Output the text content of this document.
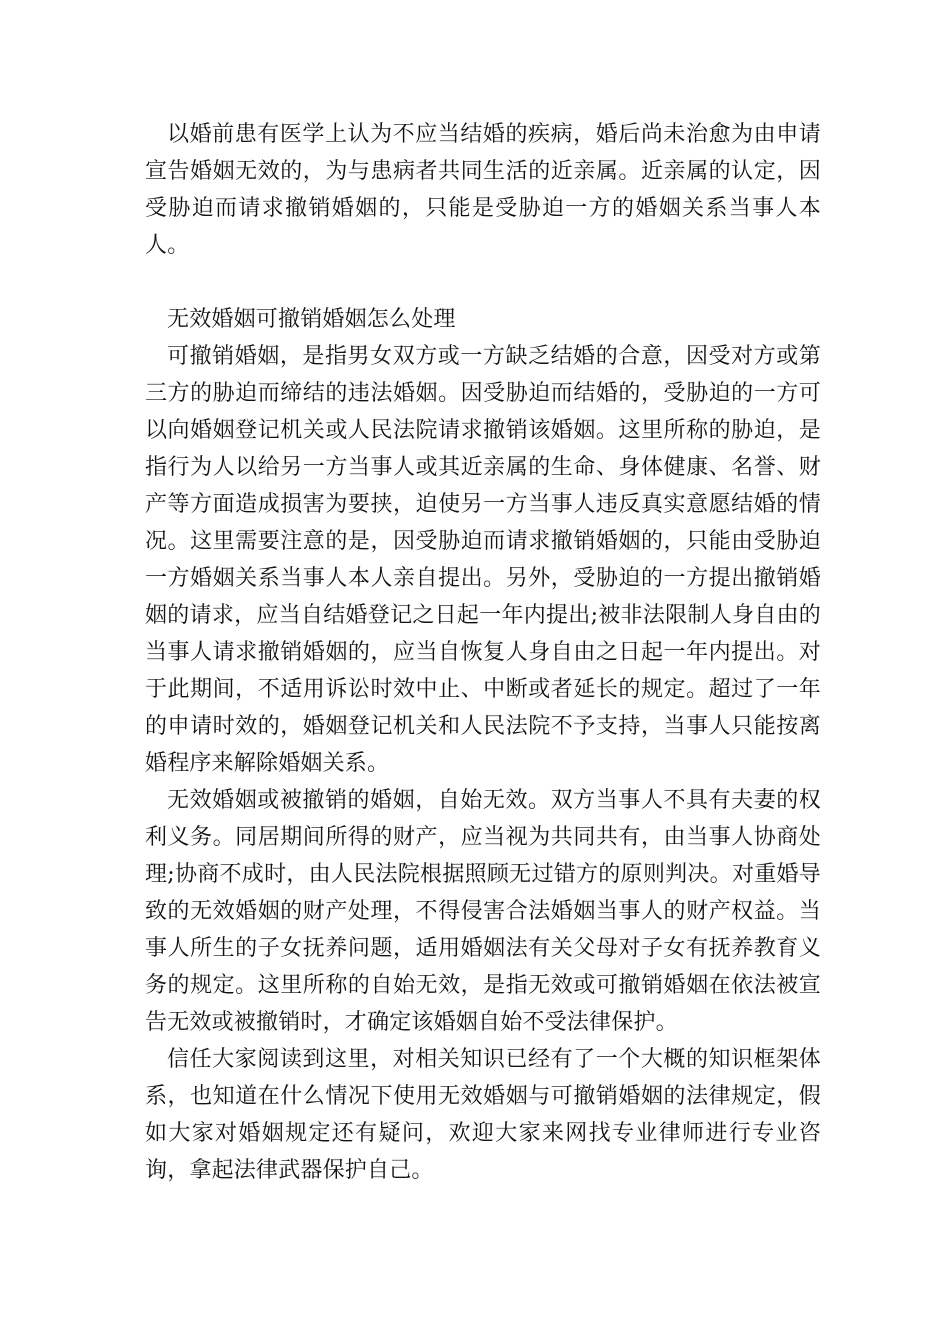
以婚前患有医学上认为不应当结婚的疾病，婚后尚未治愈为由申请宣告婚姻无效的，为与患病者共同生活的近亲属。近亲属的认定，因受胁迫而请求撤销婚姻的，只能是受胁迫一方的婚姻关系当事人本人。

无效婚姻可撤销婚姻怎么处理

可撤销婚姻，是指男女双方或一方缺乏结婚的合意，因受对方或第三方的胁迫而缔结的违法婚姻。因受胁迫而结婚的，受胁迫的一方可以向婚姻登记机关或人民法院请求撤销该婚姻。这里所称的胁迫，是指行为人以给另一方当事人或其近亲属的生命、身体健康、名誉、财产等方面造成损害为要挟，迫使另一方当事人违反真实意愿结婚的情况。这里需要注意的是，因受胁迫而请求撤销婚姻的，只能由受胁迫一方婚姻关系当事人本人亲自提出。另外，受胁迫的一方提出撤销婚姻的请求，应当自结婚登记之日起一年内提出;被非法限制人身自由的当事人请求撤销婚姻的，应当自恢复人身自由之日起一年内提出。对于此期间，不适用诉讼时效中止、中断或者延长的规定。超过了一年的申请时效的，婚姻登记机关和人民法院不予支持，当事人只能按离婚程序来解除婚姻关系。

无效婚姻或被撤销的婚姻，自始无效。双方当事人不具有夫妻的权利义务。同居期间所得的财产，应当视为共同共有，由当事人协商处理;协商不成时，由人民法院根据照顾无过错方的原则判决。对重婚导致的无效婚姻的财产处理，不得侵害合法婚姻当事人的财产权益。当事人所生的子女抚养问题，适用婚姻法有关父母对子女有抚养教育义务的规定。这里所称的自始无效，是指无效或可撤销婚姻在依法被宣告无效或被撤销时，才确定该婚姻自始不受法律保护。

信任大家阅读到这里，对相关知识已经有了一个大概的知识框架体系，也知道在什么情况下使用无效婚姻与可撤销婚姻的法律规定，假如大家对婚姻规定还有疑问，欢迎大家来网找专业律师进行专业咨询，拿起法律武器保护自己。
